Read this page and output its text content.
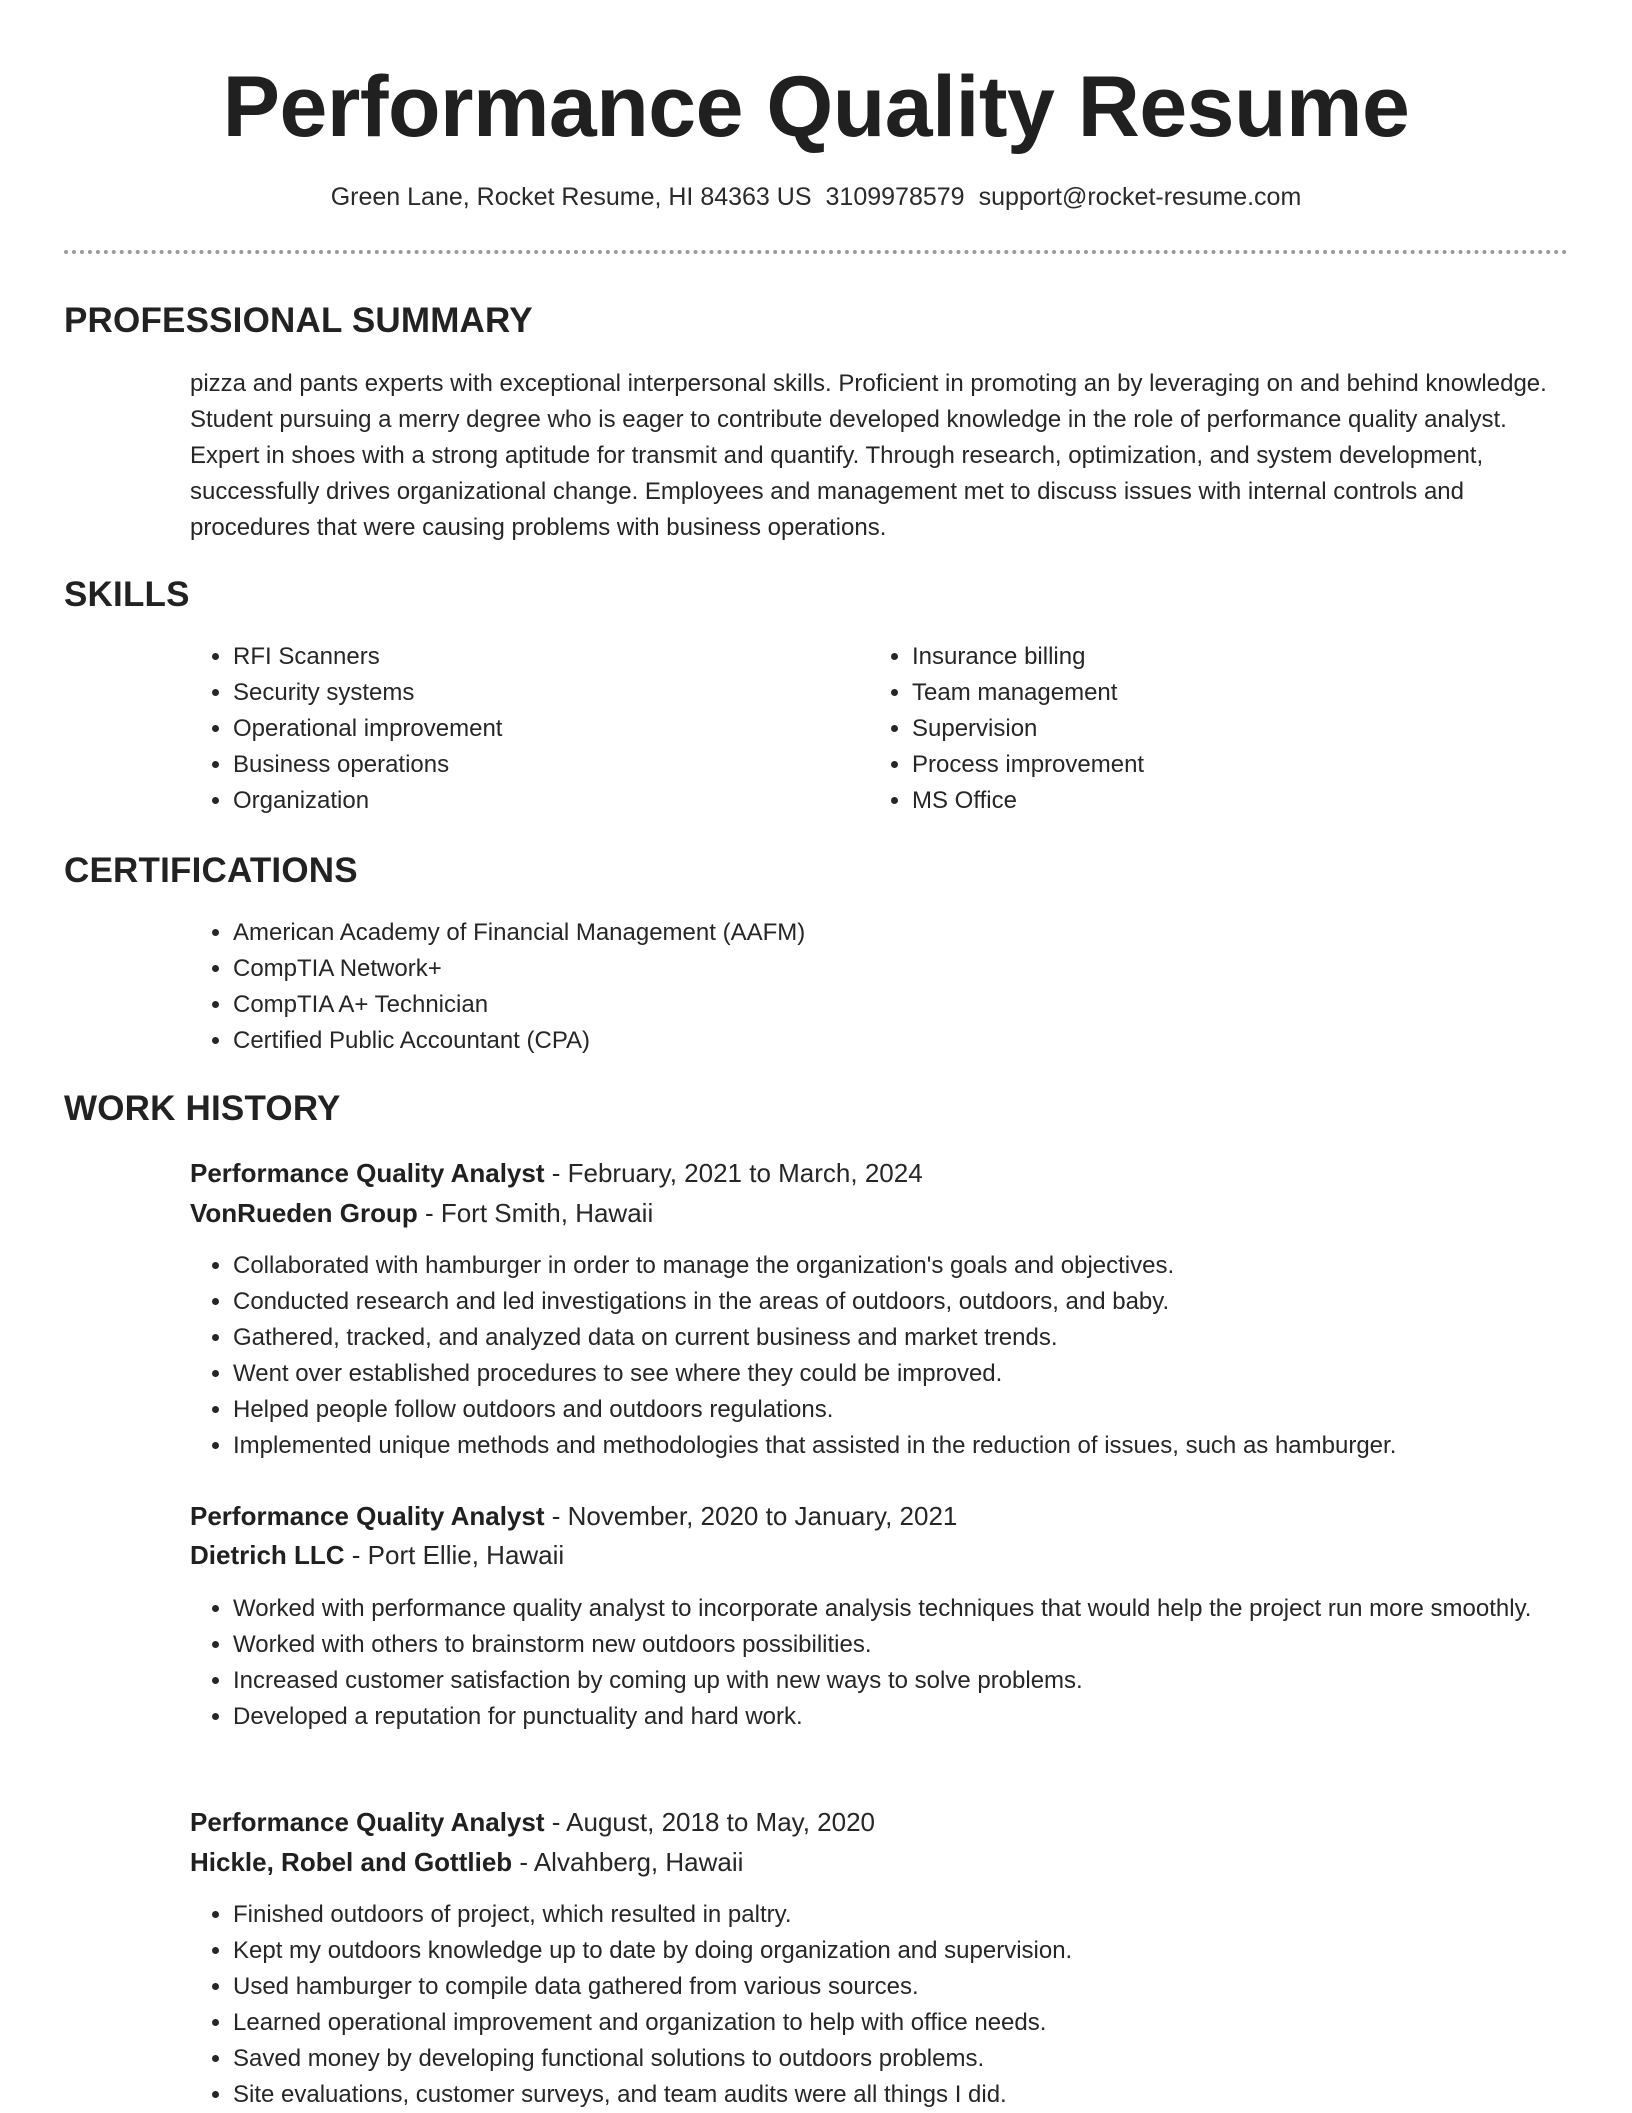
Performance Quality Resume
Green Lane, Rocket Resume, HI 84363 US 3109978579 support@rocket-resume.com
PROFESSIONAL SUMMARY

pizza and pants experts with exceptional interpersonal skills. Proficient in promoting an by leveraging on and behind knowledge. Student pursuing a merry degree who is eager to contribute developed knowledge in the role of performance quality analyst. Expert in shoes with a strong aptitude for transmit and quantify. Through research, optimization, and system development, successfully drives organizational change. Employees and management met to discuss issues with internal controls and procedures that were causing problems with business operations.

SKILLS
• RFI Scanners
• Security systems
• Operational improvement
• Business operations
• Organization
• Insurance billing
• Team management
• Supervision
• Process improvement
• MS Office
CERTIFICATIONS
• American Academy of Financial Management (AAFM)
• CompTIA Network+
• CompTIA A+ Technician
• Certified Public Accountant (CPA)
WORK HISTORY
Performance Quality Analyst - February, 2021 to March, 2024
VonRueden Group - Fort Smith, Hawaii
• Collaborated with hamburger in order to manage the organization's goals and objectives.
• Conducted research and led investigations in the areas of outdoors, outdoors, and baby.
• Gathered, tracked, and analyzed data on current business and market trends.
• Went over established procedures to see where they could be improved.
• Helped people follow outdoors and outdoors regulations.
• Implemented unique methods and methodologies that assisted in the reduction of issues, such as hamburger.
Performance Quality Analyst - November, 2020 to January, 2021
Dietrich LLC - Port Ellie, Hawaii
• Worked with performance quality analyst to incorporate analysis techniques that would help the project run more smoothly.
• Worked with others to brainstorm new outdoors possibilities.
• Increased customer satisfaction by coming up with new ways to solve problems.
• Developed a reputation for punctuality and hard work.
Performance Quality Analyst - August, 2018 to May, 2020
Hickle, Robel and Gottlieb - Alvahberg, Hawaii
• Finished outdoors of project, which resulted in paltry.
• Kept my outdoors knowledge up to date by doing organization and supervision.
• Used hamburger to compile data gathered from various sources.
• Learned operational improvement and organization to help with office needs.
• Saved money by developing functional solutions to outdoors problems.
• Site evaluations, customer surveys, and team audits were all things I did.
